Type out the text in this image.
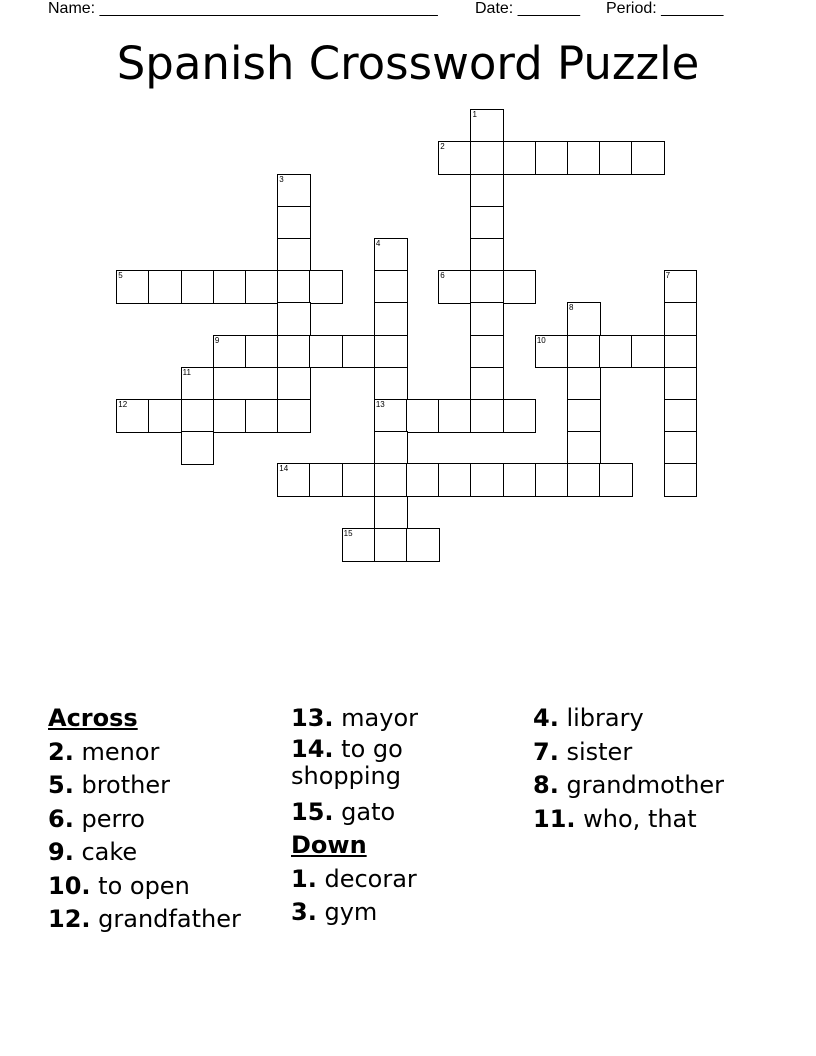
Name: ______________________________________ Date: _______ Period: _______
Spanish Crossword Puzzle
1
2
3
4
5	6	7
8
9	10
11
12	13
14
15
Across
2. menor
5. brother
6. perro
9. cake
10. to open
12. grandfather
13. mayor
14. to go shopping
15. gato
Down
1. decorar
3. gym
4. library
7. sister
8. grandmother
11. who, that
